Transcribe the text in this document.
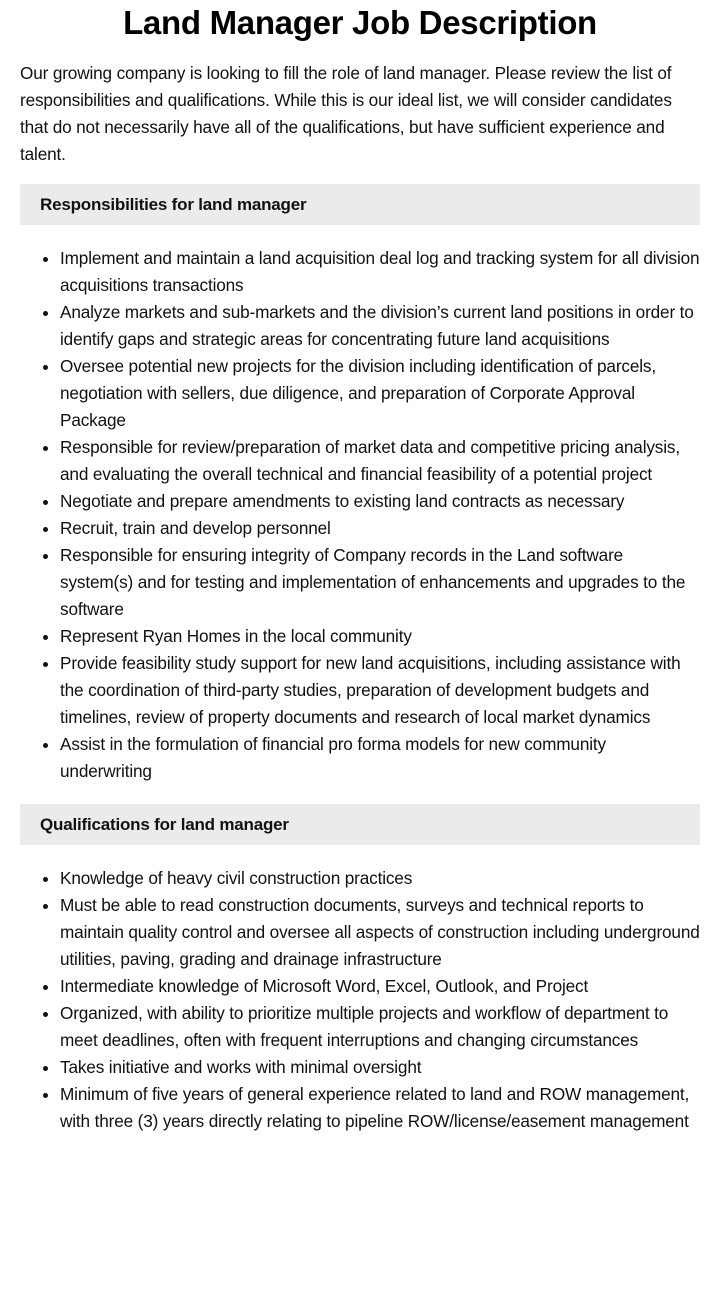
Land Manager Job Description

Our growing company is looking to fill the role of land manager. Please review the list of responsibilities and qualifications. While this is our ideal list, we will consider candidates that do not necessarily have all of the qualifications, but have sufficient experience and talent.

Responsibilities for land manager
• Implement and maintain a land acquisition deal log and tracking system for all division acquisitions transactions
• Analyze markets and sub-markets and the division’s current land positions in order to identify gaps and strategic areas for concentrating future land acquisitions
• Oversee potential new projects for the division including identification of parcels, negotiation with sellers, due diligence, and preparation of Corporate Approval Package
• Responsible for review/preparation of market data and competitive pricing analysis, and evaluating the overall technical and financial feasibility of a potential project
• Negotiate and prepare amendments to existing land contracts as necessary
• Recruit, train and develop personnel
• Responsible for ensuring integrity of Company records in the Land software system(s) and for testing and implementation of enhancements and upgrades to the software
• Represent Ryan Homes in the local community
• Provide feasibility study support for new land acquisitions, including assistance with the coordination of third-party studies, preparation of development budgets and timelines, review of property documents and research of local market dynamics
• Assist in the formulation of financial pro forma models for new community underwriting
Qualifications for land manager
• Knowledge of heavy civil construction practices
• Must be able to read construction documents, surveys and technical reports to maintain quality control and oversee all aspects of construction including underground utilities, paving, grading and drainage infrastructure
• Intermediate knowledge of Microsoft Word, Excel, Outlook, and Project
• Organized, with ability to prioritize multiple projects and workflow of department to meet deadlines, often with frequent interruptions and changing circumstances
• Takes initiative and works with minimal oversight
• Minimum of five years of general experience related to land and ROW management, with three (3) years directly relating to pipeline ROW/license/easement management
